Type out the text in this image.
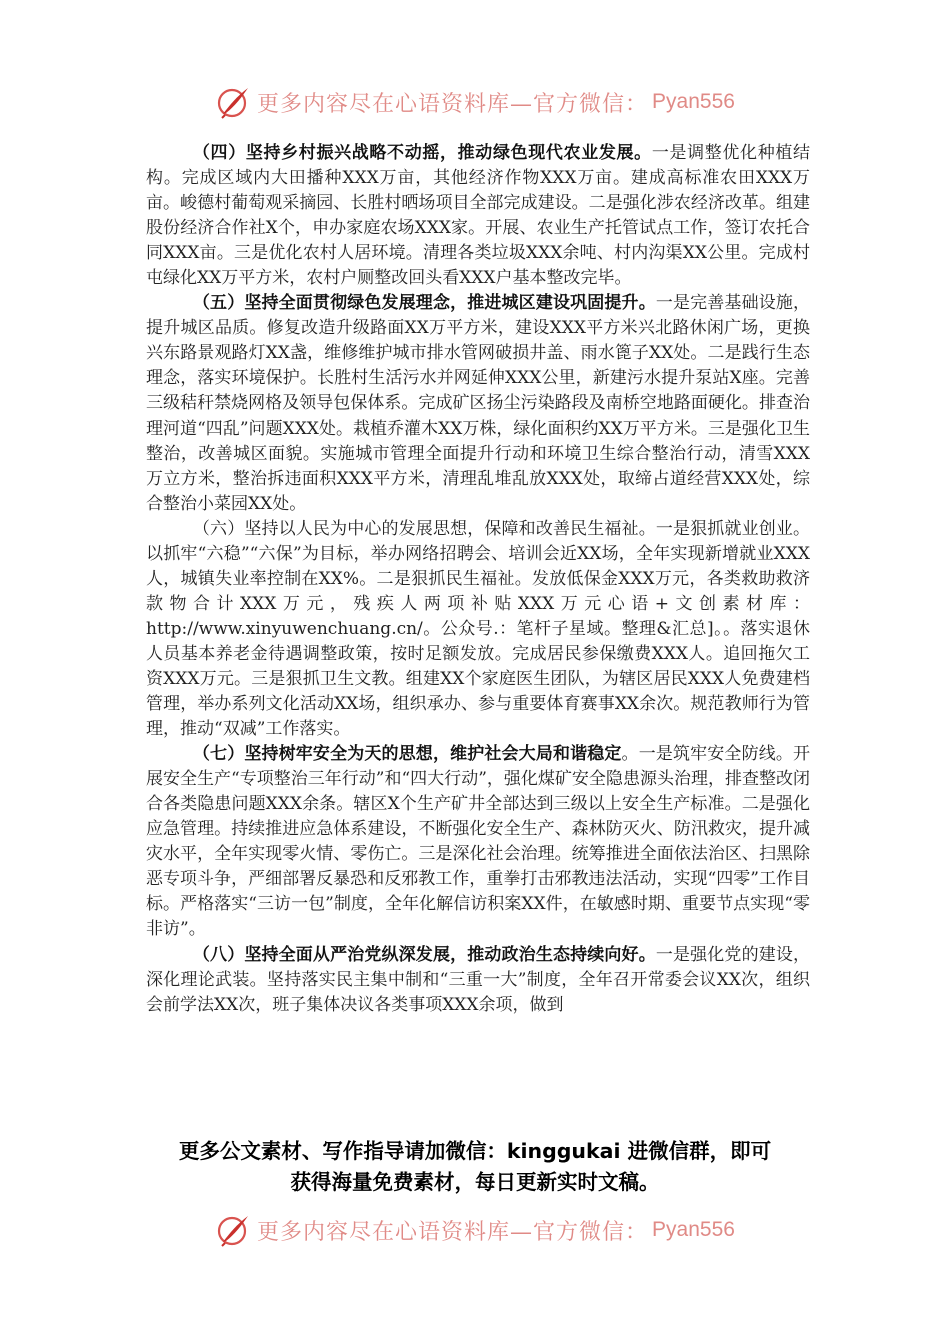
更多内容尽在心语资料库—官方微信： Pyan556

（四）坚持乡村振兴战略不动摇，推动绿色现代农业发展。一是调整优化种植结构。完成区域内大田播种XXX万亩，其他经济作物XXX万亩。建成高标准农田XXX万亩。峻德村葡萄观采摘园、长胜村晒场项目全部完成建设。二是强化涉农经济改革。组建股份经济合作社X个，申办家庭农场XXX家。开展、农业生产托管试点工作，签订农托合同XXX亩。三是优化农村人居环境。清理各类垃圾XXX余吨、村内沟渠XX公里。完成村屯绿化XX万平方米，农村户厕整改回头看XXX户基本整改完毕。

（五）坚持全面贯彻绿色发展理念，推进城区建设巩固提升。一是完善基础设施，提升城区品质。修复改造升级路面XX万平方米，建设XXX平方米兴北路休闲广场，更换兴东路景观路灯XX盏，维修维护城市排水管网破损井盖、雨水篦子XX处。二是践行生态理念，落实环境保护。长胜村生活污水并网延伸XXX公里，新建污水提升泵站X座。完善三级秸秆禁烧网格及领导包保体系。完成矿区扬尘污染路段及南桥空地路面硬化。排查治理河道“四乱”问题XXX处。栽植乔灌木XX万株，绿化面积约XX万平方米。三是强化卫生整治，改善城区面貌。实施城市管理全面提升行动和环境卫生综合整治行动，清雪XXX万立方米，整治拆违面积XXX平方米，清理乱堆乱放XXX处，取缔占道经营XXX处，综合整治小菜园XX处。

（六）坚持以人民为中心的发展思想，保障和改善民生福祉。一是狠抓就业创业。以抓牢“六稳”“六保”为目标，举办网络招聘会、培训会近XX场，全年实现新增就业XXX人，城镇失业率控制在XX%。二是狠抓民生福祉。发放低保金XXX万元，各类救助救济款物合计XXX万元，残疾人两项补贴XXX万元心语+文创素材库：http://www.xinyuwenchuang.cn/。公众号.：笔杆子星域。整理&汇总]。。落实退休人员基本养老金待遇调整政策，按时足额发放。完成居民参保缴费XXX人。追回拖欠工资XXX万元。三是狠抓卫生文教。组建XX个家庭医生团队，为辖区居民XXX人免费建档管理，举办系列文化活动XX场，组织承办、参与重要体育赛事XX余次。规范教师行为管理，推动“双减”工作落实。

（七）坚持树牢安全为天的思想，维护社会大局和谐稳定。一是筑牢安全防线。开展安全生产“专项整治三年行动”和“四大行动”，强化煤矿安全隐患源头治理，排查整改闭合各类隐患问题XXX余条。辖区X个生产矿井全部达到三级以上安全生产标准。二是强化应急管理。持续推进应急体系建设，不断强化安全生产、森林防灭火、防汛救灾，提升减灾水平，全年实现零火情、零伤亡。三是深化社会治理。统筹推进全面依法治区、扫黑除恶专项斗争，严细部署反暴恐和反邪教工作，重拳打击邪教违法活动，实现“四零”工作目标。严格落实“三访一包”制度，全年化解信访积案XX件，在敏感时期、重要节点实现“零非访”。

（八）坚持全面从严治党纵深发展，推动政治生态持续向好。一是强化党的建设，深化理论武装。坚持落实民主集中制和“三重一大”制度，全年召开常委会议XX次，组织会前学法XX次，班子集体决议各类事项XXX余项，做到

更多公文素材、写作指导请加微信：kinggukai 进微信群，即可
获得海量免费素材，每日更新实时文稿。
更多内容尽在心语资料库—官方微信： Pyan556
